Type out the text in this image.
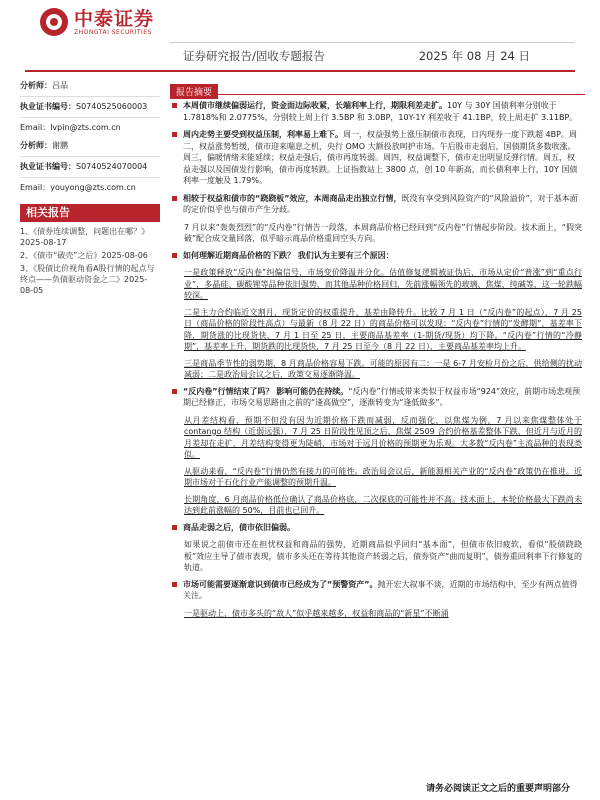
中泰证券
ZHONGTAI SECURITIES
证券研究报告/固收专题报告	2025 年 08 月 24 日
分析师：吕品
执业证书编号：S0740525060003
Email：lvpin@zts.com.cn
分析师：谢鹏
执业证书编号：S0740524070004
Email：youyong@zts.com.cn
相关报告
1、《债券连续调整，问题出在哪？》2025-08-17
2、《债市“破壳”之后》2025-08-06
3、《股债比价视角看A股行情的起点与终点——负债驱动资金之二》2025-08-05
报告摘要
本周债市继续偏弱运行，资金面边际收紧，长端利率上行，期限利差走扩。10Y 与 30Y 国债利率分别收于 1.7818%和 2.0775%，分别较上周上行 3.5BP 和 3.0BP，10Y-1Y 利差收于 41.1BP，较上周走扩 3.11BP。
周内走势主要受到权益压制，利率易上难下。周一，权益强势上涨压制债市表现，日内现券一度下跌超 4BP。周二，权益涨势暂缓，债市迎来喘息之机，央行 OMO 大额投放呵护市场。午后股市走弱后，国债期货多数收涨。周三，偏暖情绪未能延续；权益走强后，债市再度转弱。周四，权益调整下，债市走出明显反弹行情。周五，权益走强以及国债发行影响，债市再度转跌。上证指数站上 3800 点，创 10 年新高，而长债利率上行，10Y 国债利率一度触及 1.79%。
相较于权益和债市的“跷跷板”效应，本周商品走出独立行情，既没有享受到风险资产的“风险溢价”，对于基本面的定价似乎也与债市产生分歧。
7 月以来“轰轰烈烈”的“反内卷”行情告一段落，本周商品价格已经回到“反内卷”行情起步阶段。技术面上，“假突破”配合成交量回落，似乎暗示商品价格重回空头方向。
如何理解近期商品价格的下跌？ 我们认为主要有三个原因：
一是政策释放“反内卷”纠偏信号，市场变价降温并分化。估值修复逻辑被证伪后，市场从定价“普涨”到“重点行业”，多晶硅、碳酸锂等品种依旧强势，而其他品种价格回归，先前涨幅领先的玻璃、焦煤、纯碱等，这一轮跌幅较深。
二是主力合约临近交割月，现货定价的权重提升，基差由降转升。比较 7 月 1 日（“反内卷”的起点），7 月 25 日（商品价格的阶段性高点）与最新（8 月 22 日）的商品价格可以发现：“反内卷”行情的“发酵期”，基差率下降，期货涨的比现货快，7 月 1 日至 25 日，主要商品基差率（1-期货/现货）均下降。“反内卷”行情的“冷静期”，基差率上升，期货跌的比现货快，7 月 25 日至今（8 月 22 日），主要商品基差率均上升。
三是商品季节性的弱势期，8 月商品价格容易下跌。可能的原因有二：一是 6-7 月安检月份之后，供给侧的扰动减弱；二是政治局会议之后，政策交易逐渐降温。
“反内卷”行情结束了吗？ 影响可能仍在持续。“反内卷”行情或带来类似于权益市场“924”效应，前期市场悲观预期已经修正，市场交易思路由之前的“逢高做空”，逐渐转变为“逢低做多”。
从月差结构看，预期不但没有因为近期价格下跌而减弱，反而强化，以焦煤为例，7 月以来焦煤整体处于 contango 结构（近弱远强），7 月 25 日阶段性见顶之后，焦煤 2509 合约价格基差整体下跌，但近月与近月的月差却在走扩，月差结构变得更为陡峭，市场对于远月价格的预期更为乐观。大多数“反内卷”主流品种的表现类似。
从驱动来看，“反内卷”行情仍然有接力的可能性。政治局会议后，新能源相关产业的“反内卷”政策仍在推进。近期市场对于石化行业产能调整的预期升温。
长期角度，6 月商品价格低位确认了商品价格底，二次探底的可能性并不高。技术面上，本轮价格最大下跌尚未达到此前涨幅的 50%，目前也已回升。
商品走弱之后，债市依旧偏弱。
如果说之前债市还在担忧权益和商品的强势，近期商品似乎回归“基本面”，但债市依旧疲软，看似“股债跷跷板”效应主导了债市表现，债市多头还在等待其他资产转弱之后，债券资产“曲而复明”，债券重回利率下行修复的轨道。
市场可能需要逐渐意识到债市已经成为了“预警资产”。抛开宏大叙事不谈，近期的市场结构中，至少有两点值得关注。
一是驱动上，债市多头的“敌人”似乎越来越多，权益和商品的“新星”不断涌
请务必阅读正文之后的重要声明部分
